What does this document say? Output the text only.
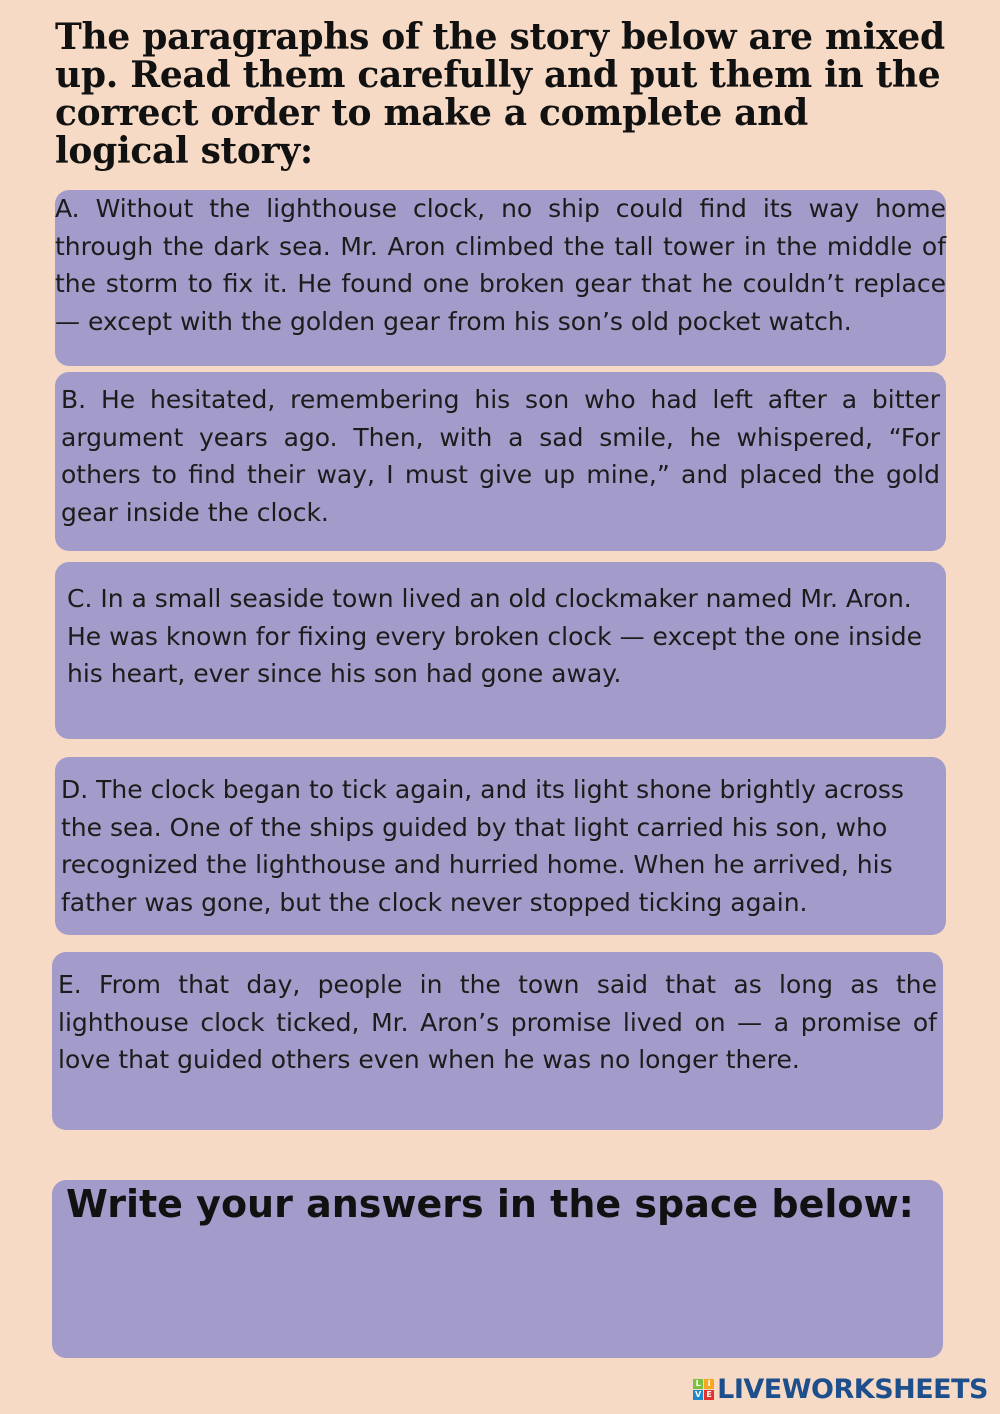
The paragraphs of the story below are mixed up. Read them carefully and put them in the correct order to make a complete and logical story:

A. Without the lighthouse clock, no ship could find its way home through the dark sea. Mr. Aron climbed the tall tower in the middle of the storm to fix it. He found one broken gear that he couldn’t replace — except with the golden gear from his son’s old pocket watch.

B. He hesitated, remembering his son who had left after a bitter argument years ago. Then, with a sad smile, he whispered, “For others to find their way, I must give up mine,” and placed the gold gear inside the clock.

C. In a small seaside town lived an old clockmaker named Mr. Aron. He was known for fixing every broken clock — except the one inside his heart, ever since his son had gone away.

D. The clock began to tick again, and its light shone brightly across the sea. One of the ships guided by that light carried his son, who recognized the lighthouse and hurried home. When he arrived, his father was gone, but the clock never stopped ticking again.

E. From that day, people in the town said that as long as the lighthouse clock ticked, Mr. Aron’s promise lived on — a promise of love that guided others even when he was no longer there.

Write your answers in the space below:
L I
V E LIVEWORKSHEETS
